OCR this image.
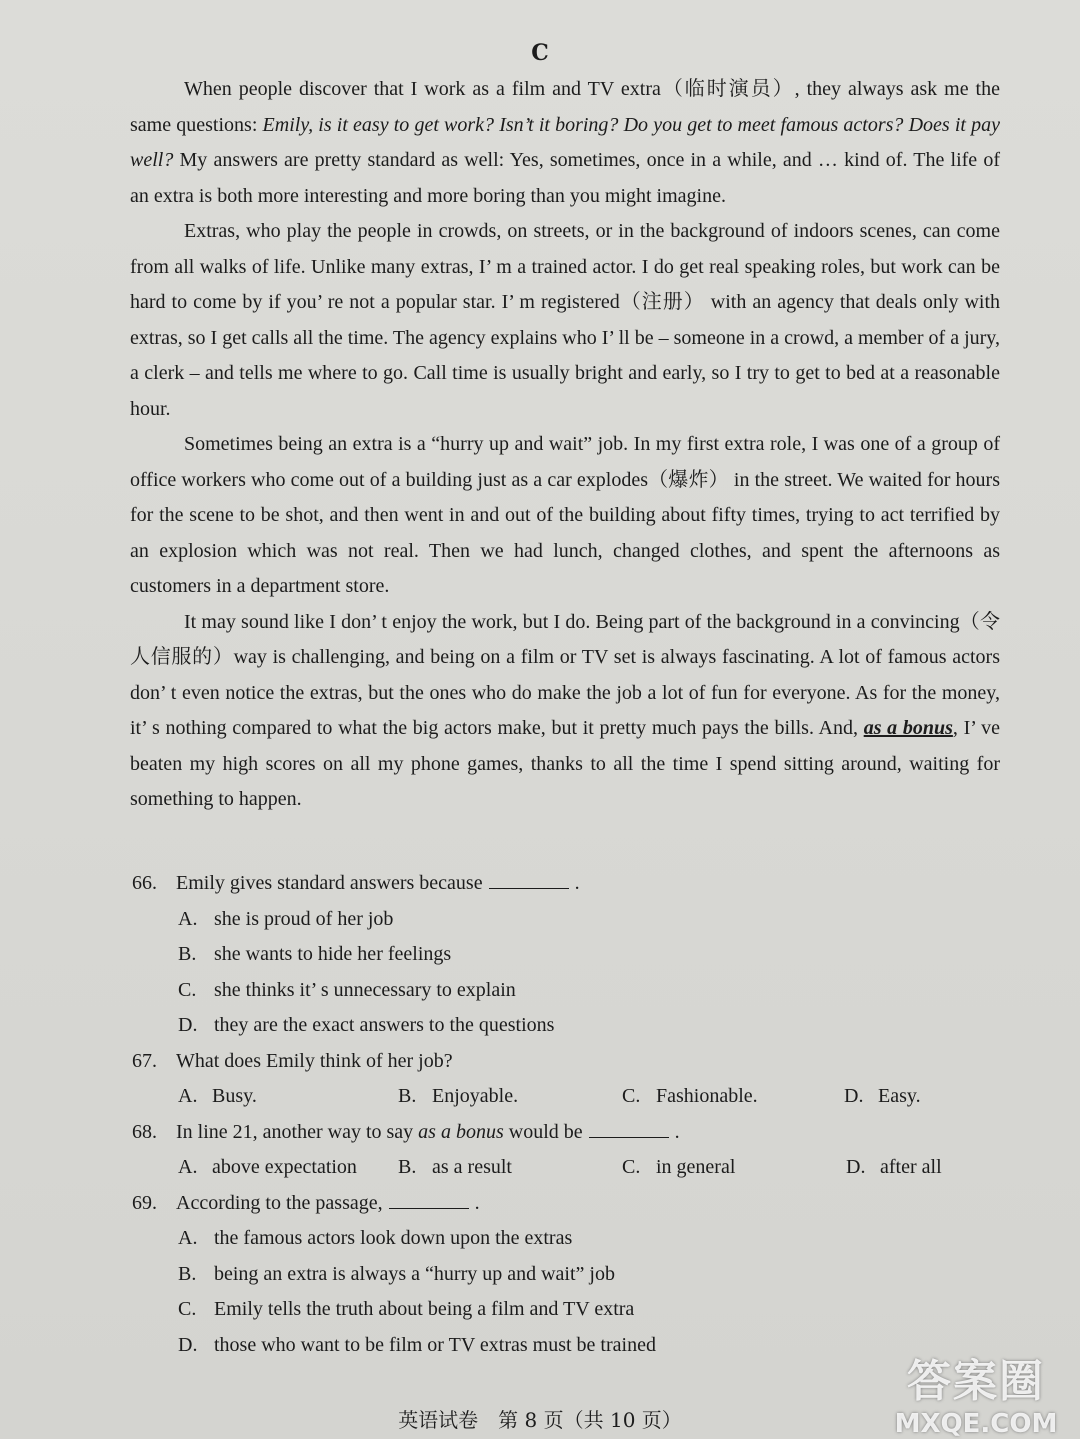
C

When people discover that I work as a film and TV extra（临时演员）, they always ask me the same questions: Emily, is it easy to get work? Isn’t it boring? Do you get to meet famous actors? Does it pay well? My answers are pretty standard as well: Yes, sometimes, once in a while, and … kind of. The life of an extra is both more interesting and more boring than you might imagine.

Extras, who play the people in crowds, on streets, or in the background of indoors scenes, can come from all walks of life. Unlike many extras, I’ m a trained actor. I do get real speaking roles, but work can be hard to come by if you’ re not a popular star. I’ m registered（注册） with an agency that deals only with extras, so I get calls all the time. The agency explains who I’ ll be – someone in a crowd, a member of a jury, a clerk – and tells me where to go. Call time is usually bright and early, so I try to get to bed at a reasonable hour.

Sometimes being an extra is a “hurry up and wait” job. In my first extra role, I was one of a group of office workers who come out of a building just as a car explodes（爆炸） in the street. We waited for hours for the scene to be shot, and then went in and out of the building about fifty times, trying to act terrified by an explosion which was not real. Then we had lunch, changed clothes, and spent the afternoons as customers in a department store.

It may sound like I don’ t enjoy the work, but I do. Being part of the background in a convincing（令人信服的）way is challenging, and being on a film or TV set is always fascinating. A lot of famous actors don’ t even notice the extras, but the ones who do make the job a lot of fun for everyone. As for the money, it’ s nothing compared to what the big actors make, but it pretty much pays the bills. And, as a bonus, I’ ve beaten my high scores on all my phone games, thanks to all the time I spend sitting around, waiting for something to happen.

66. Emily gives standard answers because	.
A. she is proud of her job
B. she wants to hide her feelings
C. she thinks it’ s unnecessary to explain
D. they are the exact answers to the questions
67. What does Emily think of her job?
A. Busy.	B. Enjoyable.	C. Fashionable.	D. Easy.
68. In line 21, another way to say as a bonus would be	.
A. above expectation B. as a result	C. in general	D. after all
69. According to the passage,	.
A. the famous actors look down upon the extras
B. being an extra is always a “hurry up and wait” job
C. Emily tells the truth about being a film and TV extra
D. those who want to be film or TV extras must be trained
英语试卷　第 8 页（共 10 页）
答案圈
MXQE.COM
